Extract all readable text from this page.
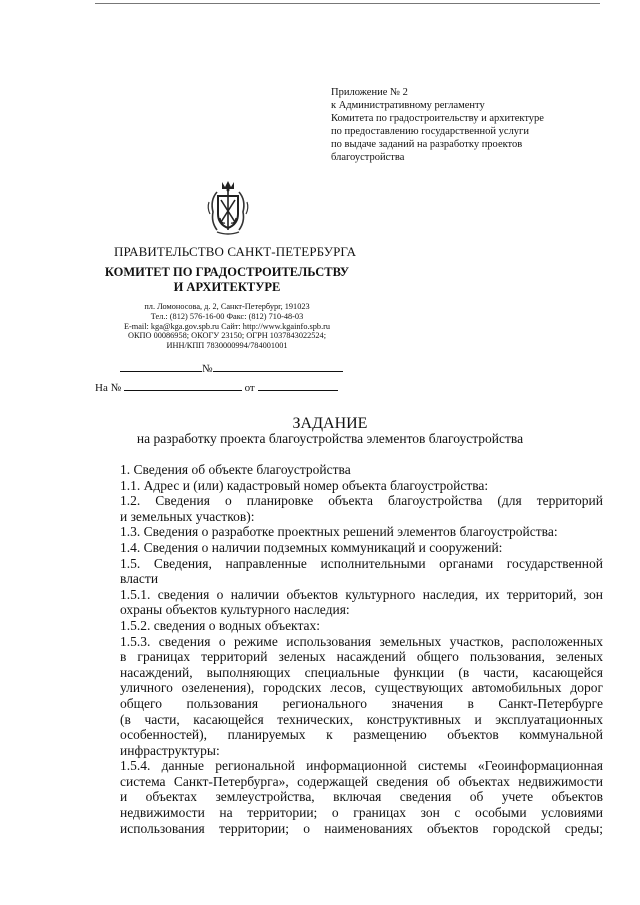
Приложение № 2
к Административному регламенту
Комитета по градостроительству и архитектуре
по предоставлению государственной услуги
по выдаче заданий на разработку проектов
благоустройства
ПРАВИТЕЛЬСТВО САНКТ-ПЕТЕРБУРГА
КОМИТЕТ ПО ГРАДОСТРОИТЕЛЬСТВУ
И АРХИТЕКТУРЕ
пл. Ломоносова, д. 2, Санкт-Петербург, 191023
Тел.: (812) 576-16-00 Факс: (812) 710-48-03
E-mail: kga@kga.gov.spb.ru Сайт: http://www.kgainfo.spb.ru
ОКПО 00086958; ОКОГУ 23150; ОГРН 1037843022524;
ИНН/КПП 7830000994/784001001
№
На №	от
ЗАДАНИЕ
на разработку проекта благоустройства элементов благоустройства

1. Сведения об объекте благоустройства

1.1. Адрес и (или) кадастровый номер объекта благоустройства:

1.2. Сведения о планировке объекта благоустройства (для территорий

и земельных участков):

1.3. Сведения о разработке проектных решений элементов благоустройства:

1.4. Сведения о наличии подземных коммуникаций и сооружений:

1.5. Сведения, направленные исполнительными органами государственной

власти

1.5.1. сведения о наличии объектов культурного наследия, их территорий, зон

охраны объектов культурного наследия:

1.5.2. сведения о водных объектах:

1.5.3. сведения о режиме использования земельных участков, расположенных

в границах территорий зеленых насаждений общего пользования, зеленых

насаждений, выполняющих специальные функции (в части, касающейся

уличного озеленения), городских лесов, существующих автомобильных дорог

общего пользования регионального значения в Санкт-Петербурге

(в части, касающейся технических, конструктивных и эксплуатационных

особенностей), планируемых к размещению объектов коммунальной

инфраструктуры:

1.5.4. данные региональной информационной системы «Геоинформационная

система Санкт-Петербурга», содержащей сведения об объектах недвижимости

и объектах землеустройства, включая сведения об учете объектов

недвижимости на территории; о границах зон с особыми условиями

использования территории; о наименованиях объектов городской среды;
